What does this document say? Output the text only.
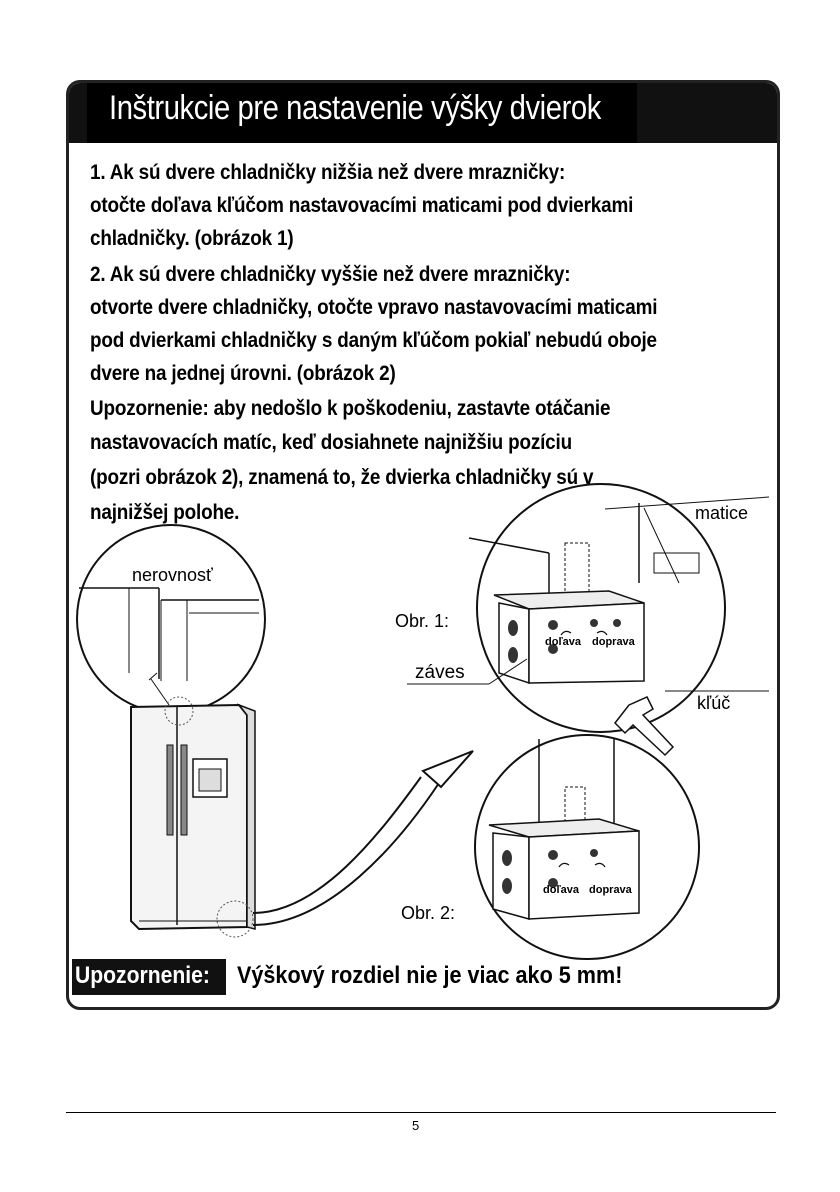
Inštrukcie pre nastavenie výšky dvierok
1. Ak sú dvere chladničky nižšia než dvere mrazničky:
otočte doľava kľúčom nastavovacími maticami pod dvierkami
chladničky. (obrázok 1)
2. Ak sú dvere chladničky vyššie než dvere mrazničky:
otvorte dvere chladničky, otočte vpravo nastavovacími maticami
pod dvierkami chladničky s daným kľúčom pokiaľ nebudú oboje
dvere na jednej úrovni. (obrázok 2)
Upozornenie: aby nedošlo k poškodeniu, zastavte otáčanie
nastavovacích matíc, keď dosiahnete najnižšiu pozíciu
(pozri obrázok 2), znamená to, že dvierka chladničky sú v
najnižšej polohe.
nerovnosť
doľava doprava
matice
Obr. 1:
záves
kľúč
doľava doprava
Obr. 2:
Upozornenie: Výškový rozdiel nie je viac ako 5 mm!
5
